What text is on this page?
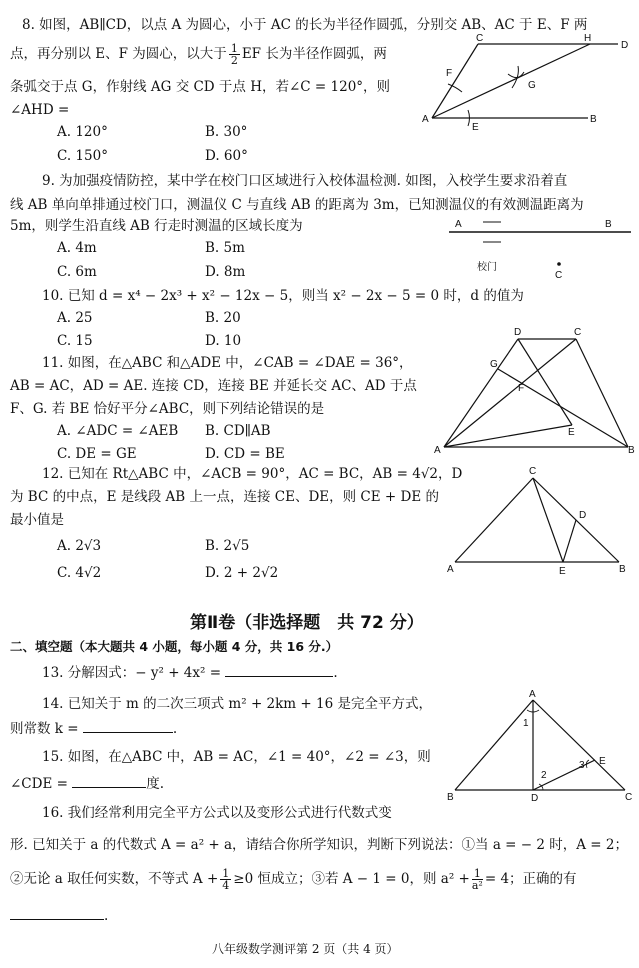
8. 如图，AB∥CD，以点 A 为圆心，小于 AC 的长为半径作圆弧，分别交 AB、AC 于 E、F 两
点，再分别以 E、F 为圆心，以大于 $\frac{1}{2}$ EF 长为半径作圆弧，两
条弧交于点 G，作射线 AG 交 CD 于点 H，若∠C = 120°，则
∠AHD =
A. 120°	B. 30°
C. 150°	D. 60°
C	H
D
F
G
A
E
B
9. 为加强疫情防控，某中学在校门口区域进行入校体温检测. 如图，入校学生要求沿着直
线 AB 单向单排通过校门口，测温仪 C 与直线 AB 的距离为 3m，已知测温仪的有效测温距离为
5m，则学生沿直线 AB 行走时测温的区域长度为
A. 4m	B. 5m
C. 6m	D. 8m
A	B
校门
C
10. 已知 d = x⁴ − 2x³ + x² − 12x − 5，则当 x² − 2x − 5 = 0 时，d 的值为
A. 25	B. 20
C. 15	D. 10
11. 如图，在△ABC 和△ADE 中，∠CAB = ∠DAE = 36°，
AB = AC，AD = AE. 连接 CD，连接 BE 并延长交 AC、AD 于点
F、G. 若 BE 恰好平分∠ABC，则下列结论错误的是
A. ∠ADC = ∠AEB B. CD∥AB
C. DE = GE	D. CD = BE
D	C
G
F
E
A	B
12. 已知在 Rt△ABC 中，∠ACB = 90°，AC = BC，AB = 4√2，D
为 BC 的中点，E 是线段 AB 上一点，连接 CE、DE，则 CE + DE 的
最小值是
A. 2√3	B. 2√5
C. 4√2	D. 2 + 2√2
C
D
A	E	B
第Ⅱ卷（非选择题　共 72 分）
二、填空题（本大题共 4 小题，每小题 4 分，共 16 分.）
13. 分解因式：− y² + 4x² =	.
14. 已知关于 m 的二次三项式 m² + 2km + 16 是完全平方式，
则常数 k =	.
15. 如图，在△ABC 中，AB = AC，∠1 = 40°，∠2 = ∠3，则
∠CDE =	度.
A
E
B	D	C
1
2
3
16. 我们经常利用完全平方公式以及变形公式进行代数式变
形. 已知关于 a 的代数式 A = a² + a，请结合你所学知识，判断下列说法：①当 a = − 2 时，A = 2；
②无论 a 取任何实数，不等式 $A + \frac{1}{4} \ge 0$ 恒成立；③若 A − 1 = 0，则 $a^2 + \frac{1}{\text{a²}} = 4$；正确的有
.
八年级数学测评第 2 页（共 4 页）
